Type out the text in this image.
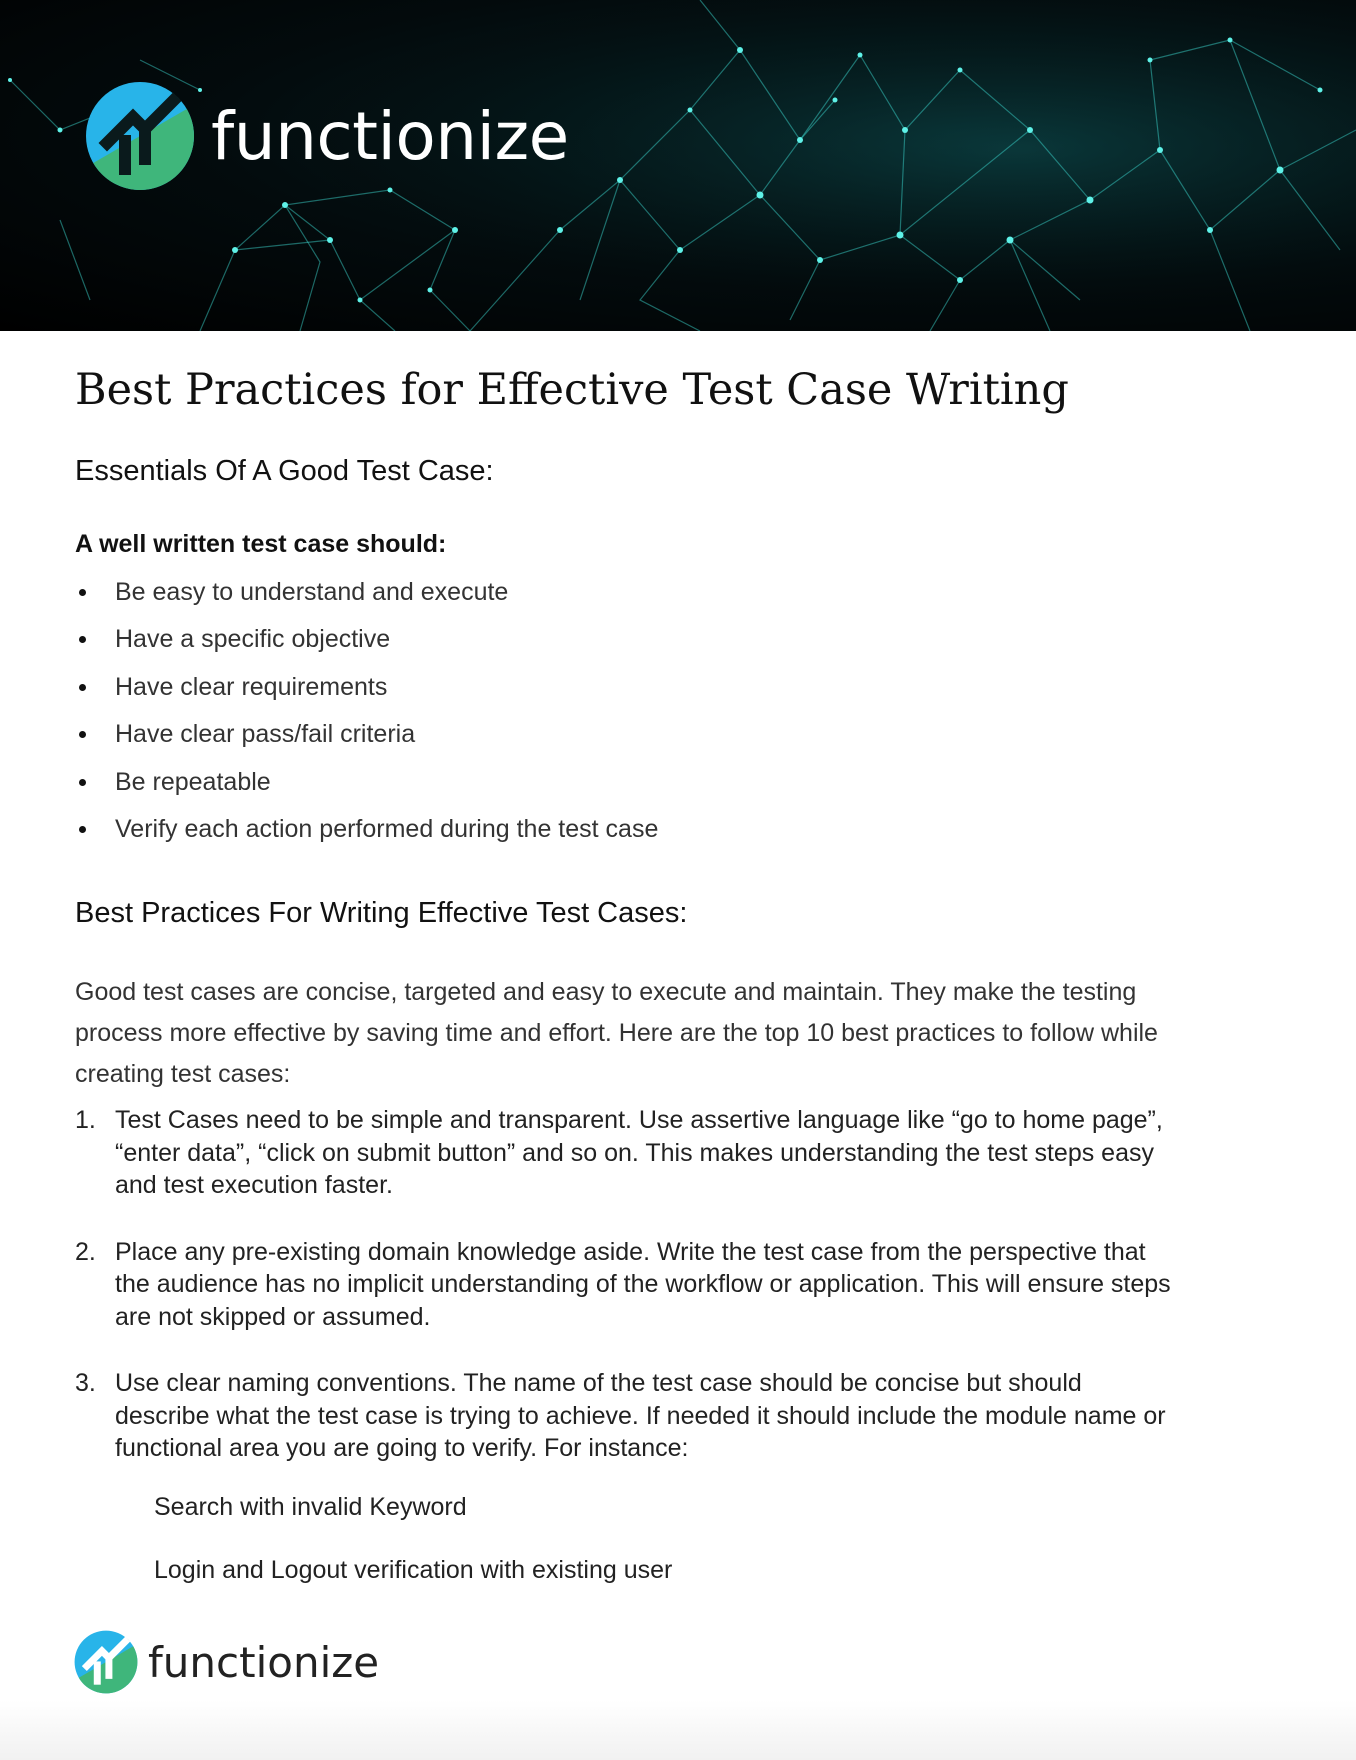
functionize
Best Practices for Effective Test Case Writing
Essentials Of A Good Test Case:

A well written test case should:

Be easy to understand and execute
Have a specific objective
Have clear requirements
Have clear pass/fail criteria
Be repeatable
Verify each action performed during the test case
Best Practices For Writing Effective Test Cases:

Good test cases are concise, targeted and easy to execute and maintain. They make the testing process more effective by saving time and effort. Here are the top 10 best practices to follow while creating test cases:

1. Test Cases need to be simple and transparent. Use assertive language like “go to home page”, “enter data”, “click on submit button” and so on. This makes understanding the test steps easy and test execution faster.
2. Place any pre-existing domain knowledge aside. Write the test case from the perspective that the audience has no implicit understanding of the workflow or application. This will ensure steps are not skipped or assumed.
3. Use clear naming conventions. The name of the test case should be concise but should describe what the test case is trying to achieve. If needed it should include the module name or functional area you are going to verify. For instance:

Search with invalid Keyword

Login and Logout verification with existing user

functionize
